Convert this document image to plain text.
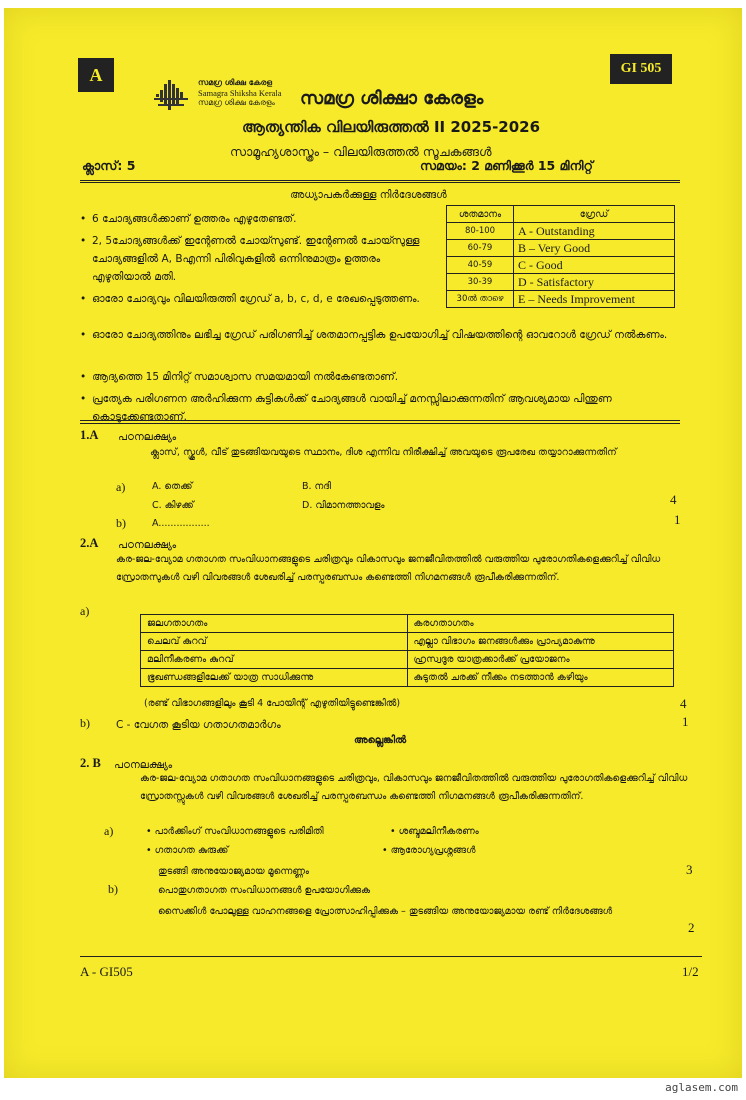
A	GI 505
സമഗ്ര ശിക്ഷ കേരള
Samagra Shiksha Kerala
സമഗ്ര ശിക്ഷ കേരളം	സമഗ്ര ശിക്ഷാ കേരളം
ആത്യന്തിക വിലയിരുത്തൽ II 2025-2026
സാമൂഹ്യശാസ്ത്രം – വിലയിരുത്തൽ സൂചകങ്ങൾ
ക്ലാസ്: 5	സമയം: 2 മണിക്കൂർ 15 മിനിറ്റ്
അധ്യാപകർക്കുള്ള നിർദേശങ്ങൾ
• 6 ചോദ്യങ്ങൾക്കാണ് ഉത്തരം എഴുതേണ്ടത്.
• 2, 5ചോദ്യങ്ങൾക്ക് ഇന്റേണൽ ചോയ്സുണ്ട്. ഇന്റേണൽ ചോയ്സുള്ള ചോദ്യങ്ങളിൽ A, Bഎന്നി പിരിവുകളിൽ ഒന്നിനുമാത്രം ഉത്തരം എഴുതിയാൽ മതി.
• ഓരോ ചോദ്യവും വിലയിരുത്തി ഗ്രേഡ് a, b, c, d, e രേഖപ്പെടുത്തണം.
• ഓരോ ചോദ്യത്തിനും ലഭിച്ച ഗ്രേഡ് പരിഗണിച്ച് ശതമാനപ്പട്ടിക ഉപയോഗിച്ച് വിഷയത്തിന്റെ ഓവറോൾ ഗ്രേഡ് നൽകണം.
• ആദ്യത്തെ 15 മിനിറ്റ് സമാശ്വാസ സമയമായി നൽകേണ്ടതാണ്.
• പ്രത്യേക പരിഗണന അർഹിക്കുന്ന കുട്ടികൾക്ക് ചോദ്യങ്ങൾ വായിച്ച് മനസ്സിലാക്കുന്നതിന് ആവശ്യമായ പിന്തുണ കൊടുക്കേണ്ടതാണ്.
ശതമാനം	ഗ്രേഡ്
80-100	A - Outstanding
60-79	B – Very Good
40-59	C - Good
30-39	D - Satisfactory
30ൽ താഴെ	E – Needs Improvement
1.A പഠനലക്ഷ്യം
ക്ലാസ്, സ്കൂൾ, വീട് തുടങ്ങിയവയുടെ സ്ഥാനം, ദിശ എന്നിവ നിരീക്ഷിച്ച് അവയുടെ രൂപരേഖ തയ്യാറാക്കുന്നതിന്
a)	A. തെക്ക്	B. നദി
C. കിഴക്ക്	D. വിമാനത്താവളം	4
b)	A.................	1
2.A പഠനലക്ഷ്യം
കര-ജല-വ്യോമ ഗതാഗത സംവിധാനങ്ങളുടെ ചരിത്രവും വികാസവും ജനജീവിതത്തിൽ വരുത്തിയ പുരോഗതികളെക്കുറിച്ച് വിവിധ സ്രോതസുകൾ വഴി വിവരങ്ങൾ ശേഖരിച്ച് പരസ്പരബന്ധം കണ്ടെത്തി നിഗമനങ്ങൾ രൂപീകരിക്കുന്നതിന്.
a)
ജലഗതാഗതം	കരഗതാഗതം
ചെലവ് കുറവ്	എല്ലാ വിഭാഗം ജനങ്ങൾക്കും പ്രാപ്യമാകുന്നു
മലിനീകരണം കുറവ്	ഹ്രസ്വദൂര യാത്രക്കാർക്ക് പ്രയോജനം
ഭൂഖണ്ഡങ്ങളിലേക്ക് യാത്ര സാധിക്കുന്നു	കുടുതൽ ചരക്ക് നീക്കം നടത്താൻ കഴിയും
(രണ്ട് വിഭാഗങ്ങളിലും കൂടി 4 പോയിന്റ് എഴുതിയിട്ടുണ്ടെങ്കിൽ)	4
b) C - വേഗത കൂടിയ ഗതാഗതമാർഗം	1
അല്ലെങ്കിൽ
2. B പഠനലക്ഷ്യം
കര-ജല-വ്യോമ ഗതാഗത സംവിധാനങ്ങളുടെ ചരിത്രവും, വികാസവും ജനജീവിതത്തിൽ വരുത്തിയ പുരോഗതികളെക്കുറിച്ച് വിവിധ സ്രോതസ്സുകൾ വഴി വിവരങ്ങൾ ശേഖരിച്ച് പരസ്പരബന്ധം കണ്ടെത്തി നിഗമനങ്ങൾ രൂപീകരിക്കുന്നതിന്.
a)	• പാർക്കിംഗ് സംവിധാനങ്ങളുടെ പരിമിതി	• ശബ്ദമലിനീകരണം
• ഗതാഗത കുരുക്ക്	• ആരോഗ്യപ്രശ്നങ്ങൾ
തുടങ്ങി അനുയോജ്യമായ മൂന്നെണ്ണം	3
b)	പൊതുഗതാഗത സംവിധാനങ്ങൾ ഉപയോഗിക്കുക
സൈക്കിൾ പോലുള്ള വാഹനങ്ങളെ പ്രോത്സാഹിപ്പിക്കുക – തുടങ്ങിയ അനുയോജ്യമായ രണ്ട് നിർദേശങ്ങൾ
2
A - GI505	1/2
aglasem.com
